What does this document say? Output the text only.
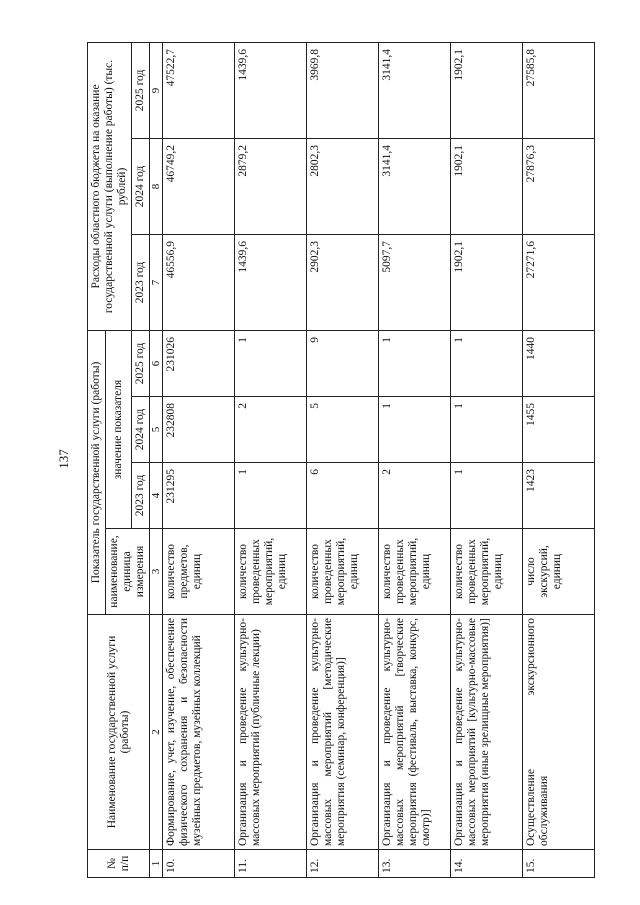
137
№ п/п	Наименование государственной услуги (работы)	Показатель государственной услуги (работы)				Расходы областного бюджета на оказание государственной услуги (выполнение работы) (тыс. рублей)		
		наименование, единица измерения	значение показателя					
			2023 год	2024 год	2025 год	2023 год	2024 год	2025 год
1	2	3	4	5	6	7	8	9
10.	Формирование, учет, изучение, обеспечение физического сохранения и безопасности музейных предметов, музейных коллекций	количество предметов, единиц	231295	232808	231026	46556,9	46749,2	47522,7
11.	Организация и проведение культурно-массовых мероприятий (публичные лекции)	количество проведенных мероприятий, единиц	1	2	1	1439,6	2879,2	1439,6
12.	Организация и проведение культурно-массовых мероприятий [методические мероприятия (семинар, конференция)]	количество проведенных мероприятий, единиц	6	5	9	2902,3	2802,3	3969,8
13.	Организация и проведение культурно-массовых мероприятий [творческие мероприятия (фестиваль, выставка, конкурс, смотр)]	количество проведенных мероприятий, единиц	2	1	1	5097,7	3141,4	3141,4
14.	Организация и проведение культурно-массовых мероприятий [культурно-массовые мероприятия (иные зрелищные мероприятия)]	количество проведенных мероприятий, единиц	1	1	1	1902,1	1902,1	1902,1
15.	Осуществление экскурсионного обслуживания	число экскурсий, единиц	1423	1455	1440	27271,6	27876,3	27585,8
